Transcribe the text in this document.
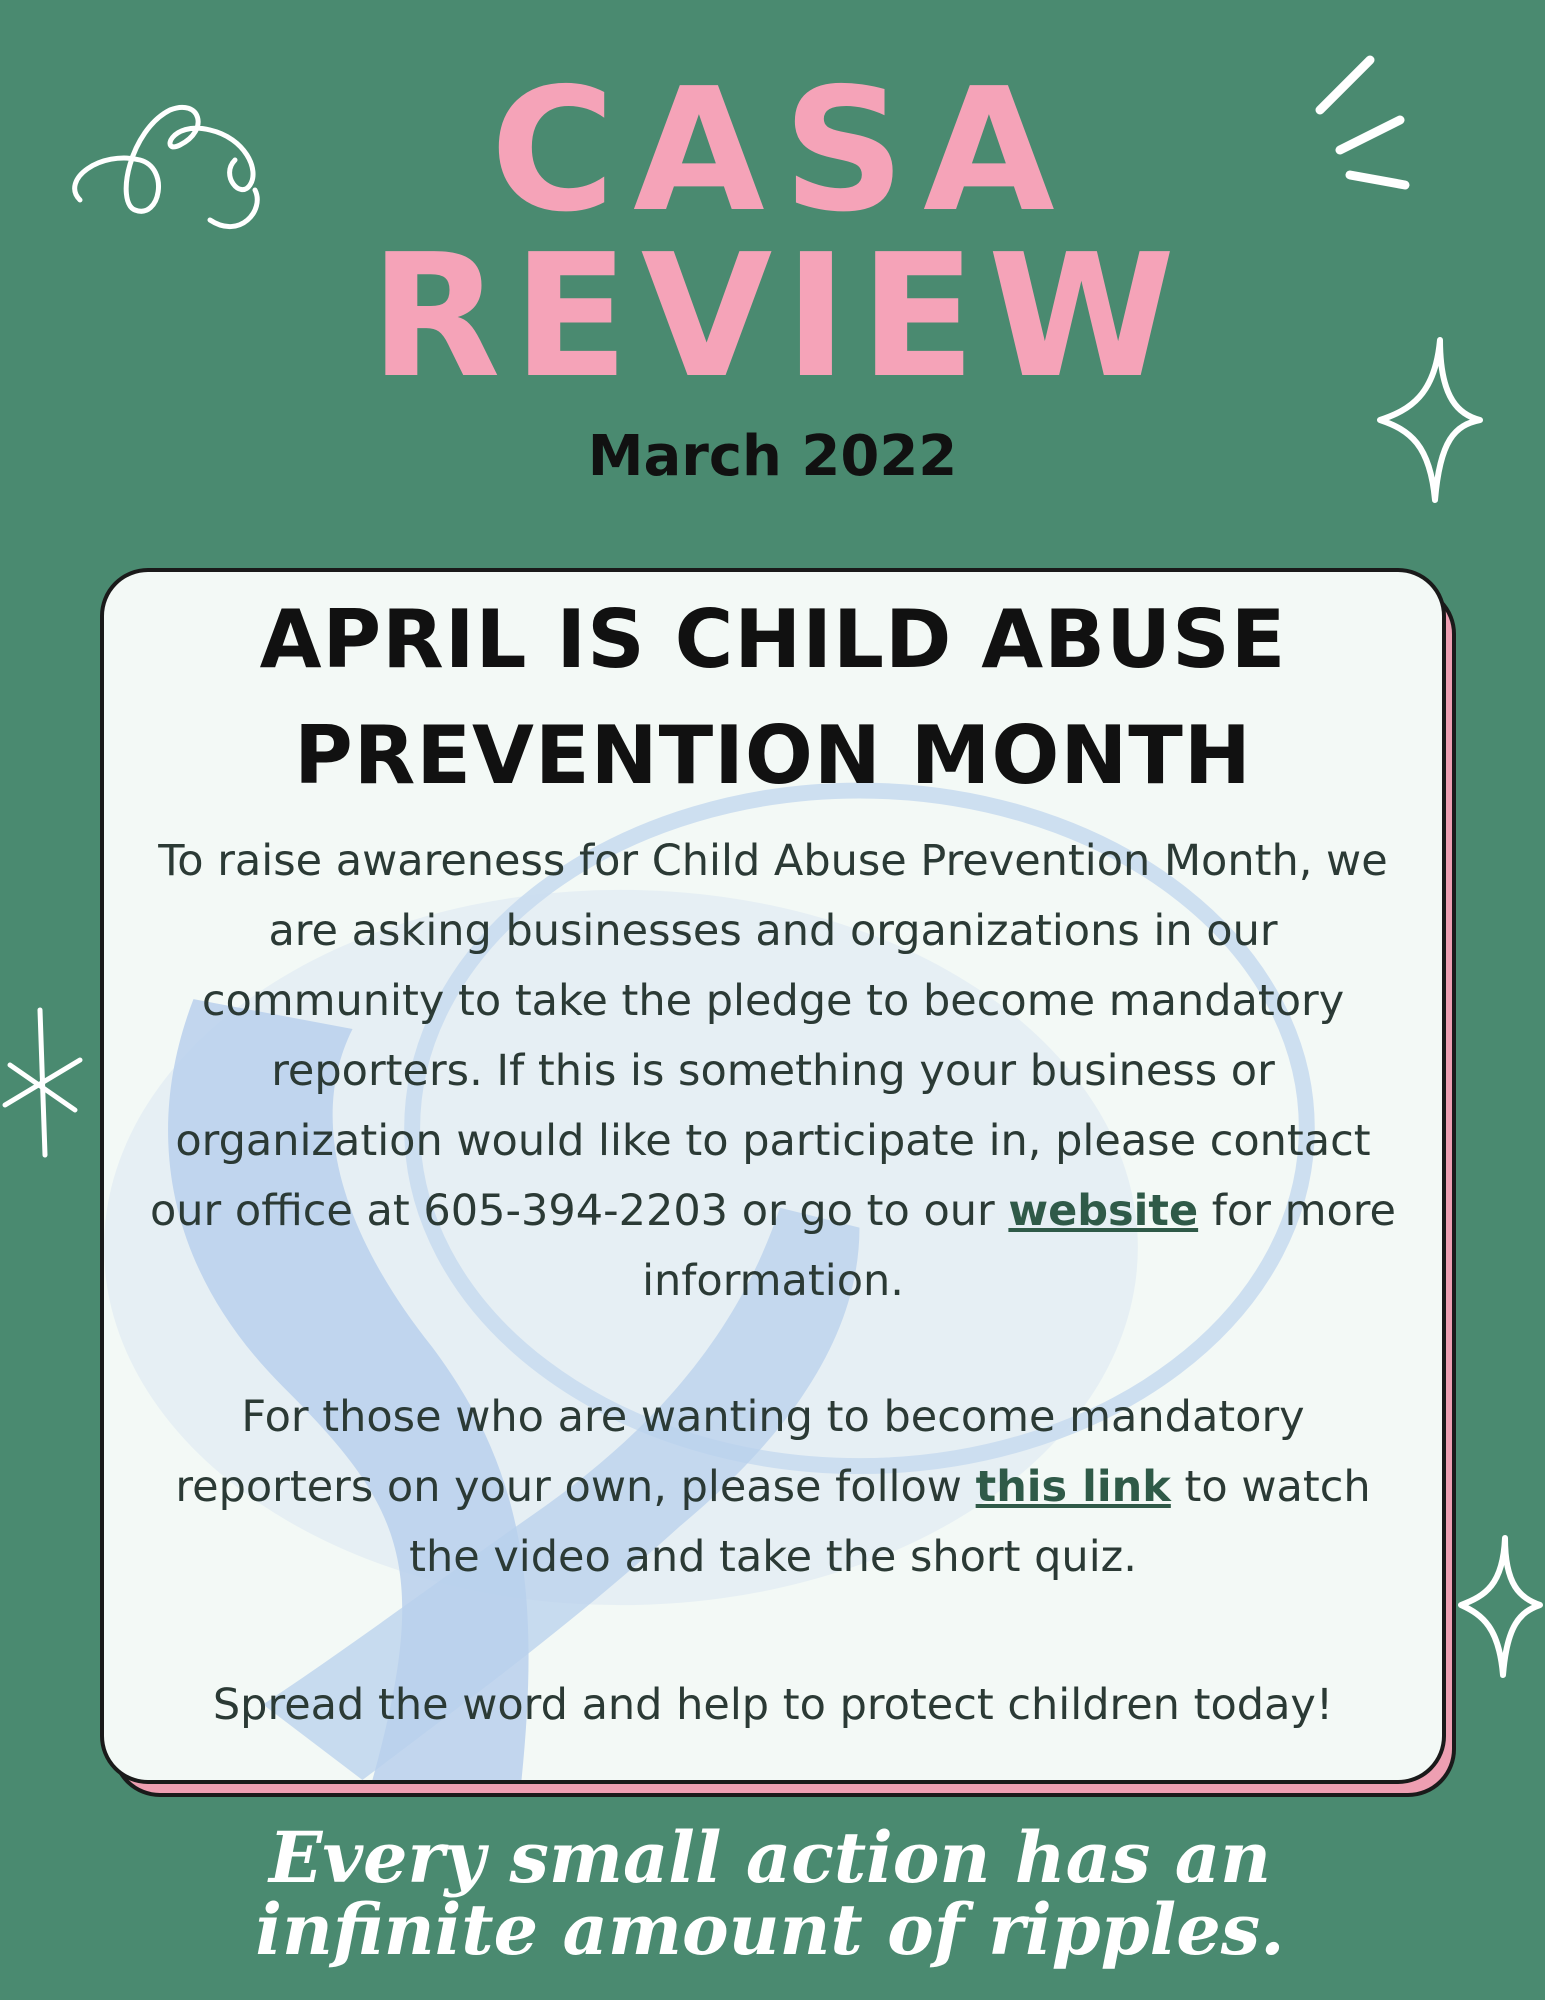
CASA
REVIEW
March 2022
APRIL IS CHILD ABUSE
PREVENTION MONTH

To raise awareness for Child Abuse Prevention Month, we are asking businesses and organizations in our community to take the pledge to become mandatory reporters. If this is something your business or organization would like to participate in, please contact our office at 605-394-2203 or go to our website for more information.

For those who are wanting to become mandatory reporters on your own, please follow this link to watch the video and take the short quiz.

Spread the word and help to protect children today!

Every small action has an infinite amount of ripples.
